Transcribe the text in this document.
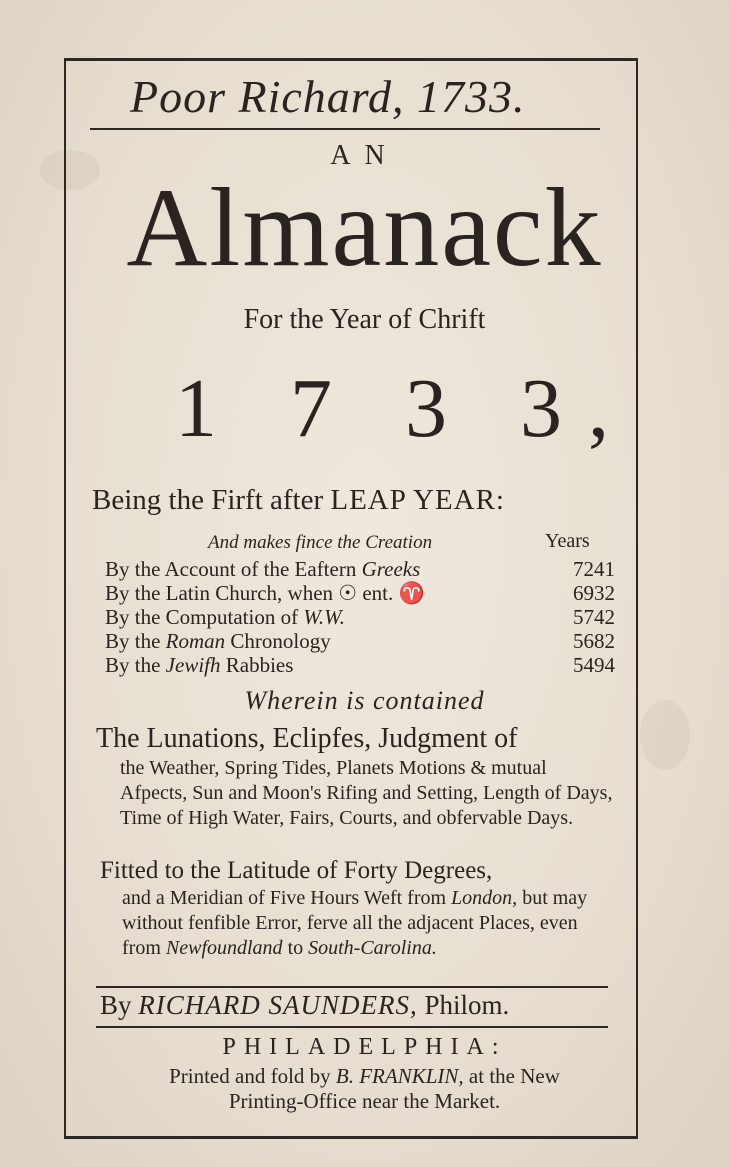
Poor Richard, 1733.
AN
Almanack
For the Year of Chrift
1 7 3 3,
Being the Firft after LEAP YEAR:
And makes fince the Creation	Years
By the Account of the Eaftern Greeks	7241
By the Latin Church, when ☉ ent. ♈	6932
By the Computation of W.W.	5742
By the Roman Chronology	5682
By the Jewifh Rabbies	5494
Wherein is contained
The Lunations, Eclipfes, Judgment of
the Weather, Spring Tides, Planets Motions & mutual Afpects, Sun and Moon's Rifing and Setting, Length of Days, Time of High Water, Fairs, Courts, and obfervable Days.
Fitted to the Latitude of Forty Degrees,
and a Meridian of Five Hours Weft from London, but may without fenfible Error, ferve all the adjacent Places, even from Newfoundland to South-Carolina.
By RICHARD SAUNDERS, Philom.
PHILADELPHIA:
Printed and fold by B. FRANKLIN, at the New
Printing-Office near the Market.
